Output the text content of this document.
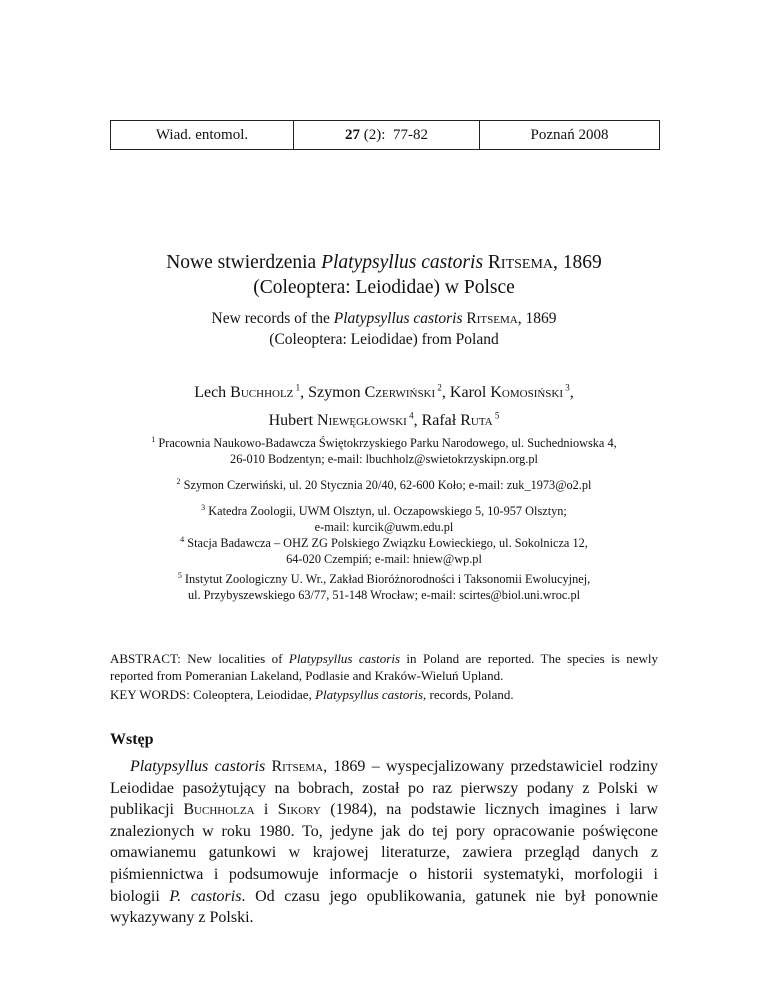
Wiad. entomol.	27 (2):  77-82	Poznań 2008
Nowe stwierdzenia Platypsyllus castoris Ritsema, 1869
(Coleoptera: Leiodidae) w Polsce
New records of the Platypsyllus castoris Ritsema, 1869
(Coleoptera: Leiodidae) from Poland
Lech Buchholz $^1$, Szymon Czerwiński $^2$, Karol Komosiński $^3$,
Hubert Niewęgłowski $^4$, Rafał Ruta $^5$
$^1$ Pracownia Naukowo-Badawcza Świętokrzyskiego Parku Narodowego, ul. Suchedniowska 4,
26-010 Bodzentyn; e-mail: lbuchholz@swietokrzyskipn.org.pl
$^2$ Szymon Czerwiński, ul. 20 Stycznia 20/40, 62-600 Koło; e-mail: zuk_1973@o2.pl
$^3$ Katedra Zoologii, UWM Olsztyn, ul. Oczapowskiego 5, 10-957 Olsztyn;
e-mail: kurcik@uwm.edu.pl
$^4$ Stacja Badawcza – OHZ ZG Polskiego Związku Łowieckiego, ul. Sokolnicza 12,
64-020 Czempiń; e-mail: hniew@wp.pl
$^5$ Instytut Zoologiczny U. Wr., Zakład Bioróżnorodności i Taksonomii Ewolucyjnej,
ul. Przybyszewskiego 63/77, 51-148 Wrocław; e-mail: scirtes@biol.uni.wroc.pl
ABSTRACT: New localities of Platypsyllus castoris in Poland are reported. The species is newly reported from Pomeranian Lakeland, Podlasie and Kraków-Wieluń Upland.
KEY WORDS: Coleoptera, Leiodidae, Platypsyllus castoris, records, Poland.
Wstęp

Platypsyllus castoris Ritsema, 1869 – wyspecjalizowany przedstawiciel rodziny Leiodidae pasożytujący na bobrach, został po raz pierwszy podany z Polski w publikacji Buchholza i Sikory (1984), na podstawie licznych imagines i larw znalezionych w roku 1980. To, jedyne jak do tej pory opracowanie poświęcone omawianemu gatunkowi w krajowej literaturze, zawiera przegląd danych z piśmiennictwa i podsumowuje informacje o historii systematyki, morfologii i biologii P. castoris. Od czasu jego opublikowania, gatunek nie był ponownie wykazywany z Polski.
